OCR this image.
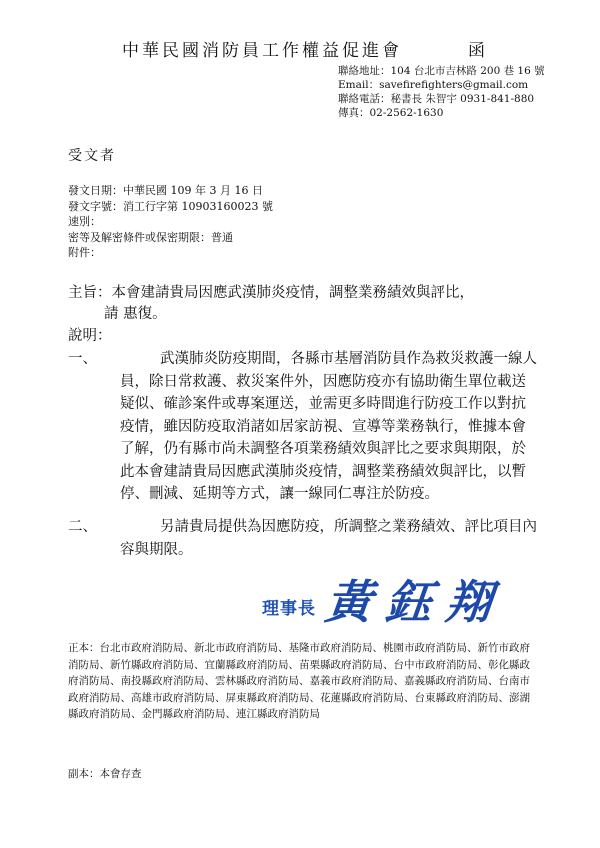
中華民國消防員工作權益促進會	函
聯絡地址：104 台北市吉林路 200 巷 16 號
Email：savefirefighters@gmail.com
聯絡電話：秘書長 朱智宇 0931-841-880
傳真：02-2562-1630
受文者
發文日期：中華民國 109 年 3 月 16 日
發文字號：消工行字第 10903160023 號
速別：
密等及解密條件或保密期限：普通
附件：
主旨：本會建請貴局因應武漢肺炎疫情，調整業務績效與評比，
請 惠復。
說明：
一、	武漢肺炎防疫期間，各縣市基層消防員作為救災救護一線人員，除日常救護、救災案件外，因應防疫亦有協助衛生單位載送疑似、確診案件或專案運送，並需更多時間進行防疫工作以對抗疫情，雖因防疫取消諸如居家訪視、宣導等業務執行，惟據本會了解，仍有縣市尚未調整各項業務績效與評比之要求與期限，於此本會建請貴局因應武漢肺炎疫情，調整業務績效與評比，以暫停、刪減、延期等方式，讓一線同仁專注於防疫。
二、	另請貴局提供為因應防疫，所調整之業務績效、評比項目內容與期限。
理事長 黃鈺翔
正本：台北市政府消防局、新北市政府消防局、基隆市政府消防局、桃園市政府消防局、新竹市政府消防局、新竹縣政府消防局、宜蘭縣政府消防局、苗栗縣政府消防局、台中市政府消防局、彰化縣政府消防局、南投縣政府消防局、雲林縣政府消防局、嘉義市政府消防局、嘉義縣政府消防局、台南市政府消防局、高雄市政府消防局、屏東縣政府消防局、花蓮縣政府消防局、台東縣政府消防局、澎湖縣政府消防局、金門縣政府消防局、連江縣政府消防局
副本：本會存查
